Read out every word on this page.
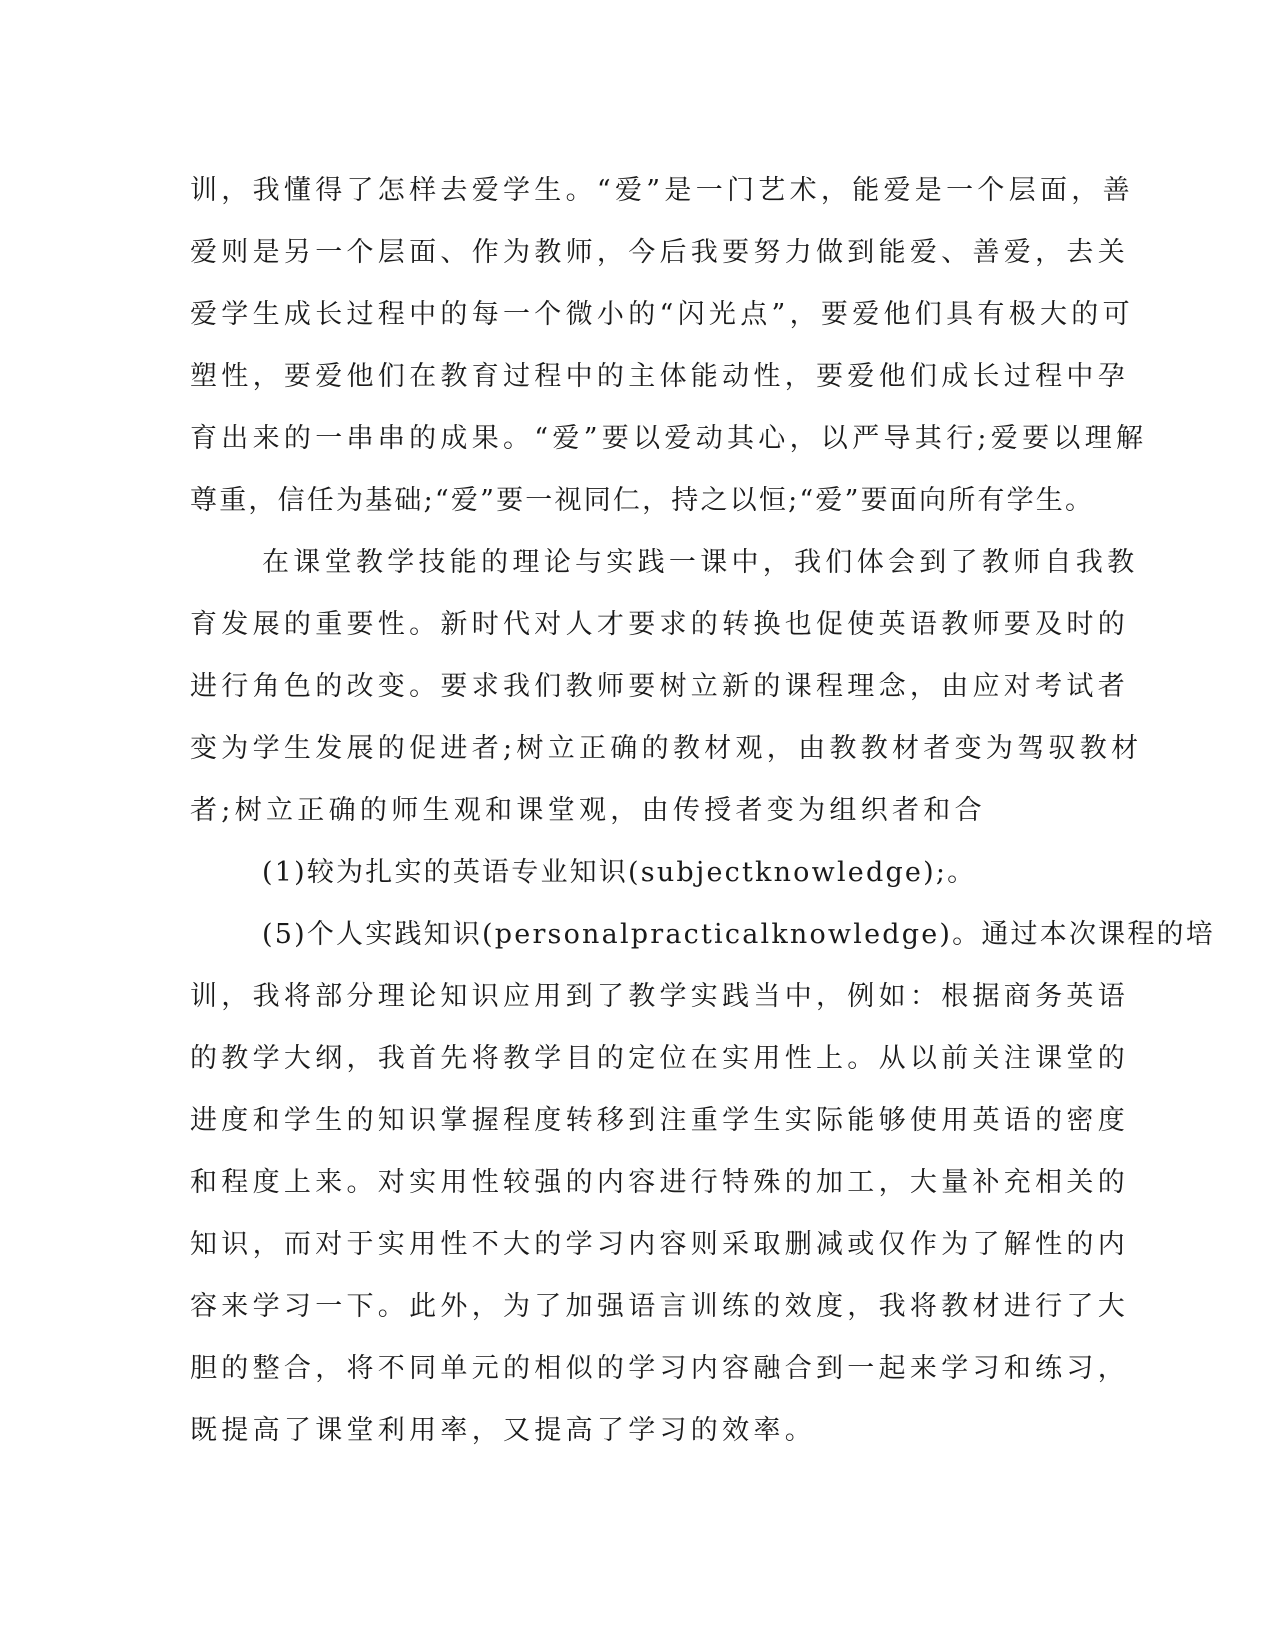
训，我懂得了怎样去爱学生。“爱”是一门艺术，能爱是一个层面，善
爱则是另一个层面、作为教师，今后我要努力做到能爱、善爱，去关
爱学生成长过程中的每一个微小的“闪光点”，要爱他们具有极大的可
塑性，要爱他们在教育过程中的主体能动性，要爱他们成长过程中孕
育出来的一串串的成果。“爱”要以爱动其心，以严导其行;爱要以理解
尊重，信任为基础;“爱”要一视同仁，持之以恒;“爱”要面向所有学生。
在课堂教学技能的理论与实践一课中，我们体会到了教师自我教
育发展的重要性。新时代对人才要求的转换也促使英语教师要及时的
进行角色的改变。要求我们教师要树立新的课程理念，由应对考试者
变为学生发展的促进者;树立正确的教材观，由教教材者变为驾驭教材
者;树立正确的师生观和课堂观，由传授者变为组织者和合
(1)较为扎实的英语专业知识(subjectknowledge);。
(5)个人实践知识(personalpracticalknowledge)。通过本次课程的培
训，我将部分理论知识应用到了教学实践当中，例如：根据商务英语
的教学大纲，我首先将教学目的定位在实用性上。从以前关注课堂的
进度和学生的知识掌握程度转移到注重学生实际能够使用英语的密度
和程度上来。对实用性较强的内容进行特殊的加工，大量补充相关的
知识，而对于实用性不大的学习内容则采取删减或仅作为了解性的内
容来学习一下。此外，为了加强语言训练的效度，我将教材进行了大
胆的整合，将不同单元的相似的学习内容融合到一起来学习和练习，
既提高了课堂利用率，又提高了学习的效率。
